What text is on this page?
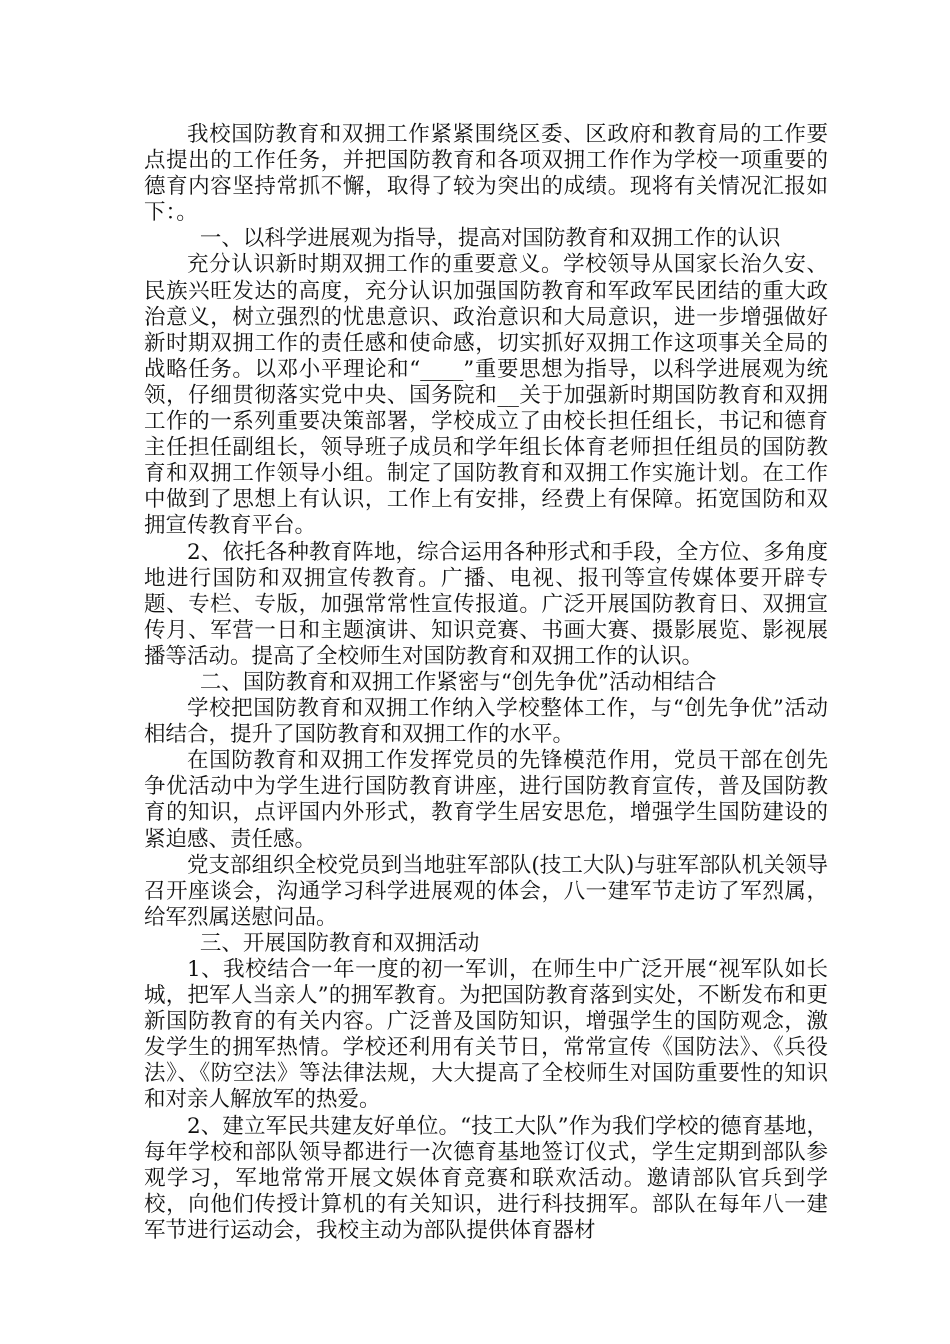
我校国防教育和双拥工作紧紧围绕区委、区政府和教育局的工作要点提出的工作任务，并把国防教育和各项双拥工作作为学校一项重要的德育内容坚持常抓不懈，取得了较为突出的成绩。现将有关情况汇报如下：。

一、以科学进展观为指导，提高对国防教育和双拥工作的认识

充分认识新时期双拥工作的重要意义。学校领导从国家长治久安、民族兴旺发达的高度，充分认识加强国防教育和军政军民团结的重大政治意义，树立强烈的忧患意识、政治意识和大局意识，进一步增强做好新时期双拥工作的责任感和使命感，切实抓好双拥工作这项事关全局的战略任务。以邓小平理论和“____”重要思想为指导，以科学进展观为统领，仔细贯彻落实党中央、国务院和__关于加强新时期国防教育和双拥工作的一系列重要决策部署，学校成立了由校长担任组长，书记和德育主任担任副组长，领导班子成员和学年组长体育老师担任组员的国防教育和双拥工作领导小组。制定了国防教育和双拥工作实施计划。在工作中做到了思想上有认识，工作上有安排，经费上有保障。拓宽国防和双拥宣传教育平台。

2、依托各种教育阵地，综合运用各种形式和手段，全方位、多角度地进行国防和双拥宣传教育。广播、电视、报刊等宣传媒体要开辟专题、专栏、专版，加强常常性宣传报道。广泛开展国防教育日、双拥宣传月、军营一日和主题演讲、知识竞赛、书画大赛、摄影展览、影视展播等活动。提高了全校师生对国防教育和双拥工作的认识。

二、国防教育和双拥工作紧密与“创先争优”活动相结合

学校把国防教育和双拥工作纳入学校整体工作，与“创先争优”活动相结合，提升了国防教育和双拥工作的水平。

在国防教育和双拥工作发挥党员的先锋模范作用，党员干部在创先争优活动中为学生进行国防教育讲座，进行国防教育宣传，普及国防教育的知识，点评国内外形式，教育学生居安思危，增强学生国防建设的紧迫感、责任感。

党支部组织全校党员到当地驻军部队(技工大队)与驻军部队机关领导召开座谈会，沟通学习科学进展观的体会，八一建军节走访了军烈属，给军烈属送慰问品。

三、开展国防教育和双拥活动

1、我校结合一年一度的初一军训，在师生中广泛开展“视军队如长城，把军人当亲人”的拥军教育。为把国防教育落到实处，不断发布和更新国防教育的有关内容。广泛普及国防知识，增强学生的国防观念，激发学生的拥军热情。学校还利用有关节日，常常宣传《国防法》、《兵役法》、《防空法》等法律法规，大大提高了全校师生对国防重要性的知识和对亲人解放军的热爱。

2、建立军民共建友好单位。“技工大队”作为我们学校的德育基地，每年学校和部队领导都进行一次德育基地签订仪式，学生定期到部队参观学习，军地常常开展文娱体育竞赛和联欢活动。邀请部队官兵到学校，向他们传授计算机的有关知识，进行科技拥军。部队在每年八一建军节进行运动会，我校主动为部队提供体育器材
